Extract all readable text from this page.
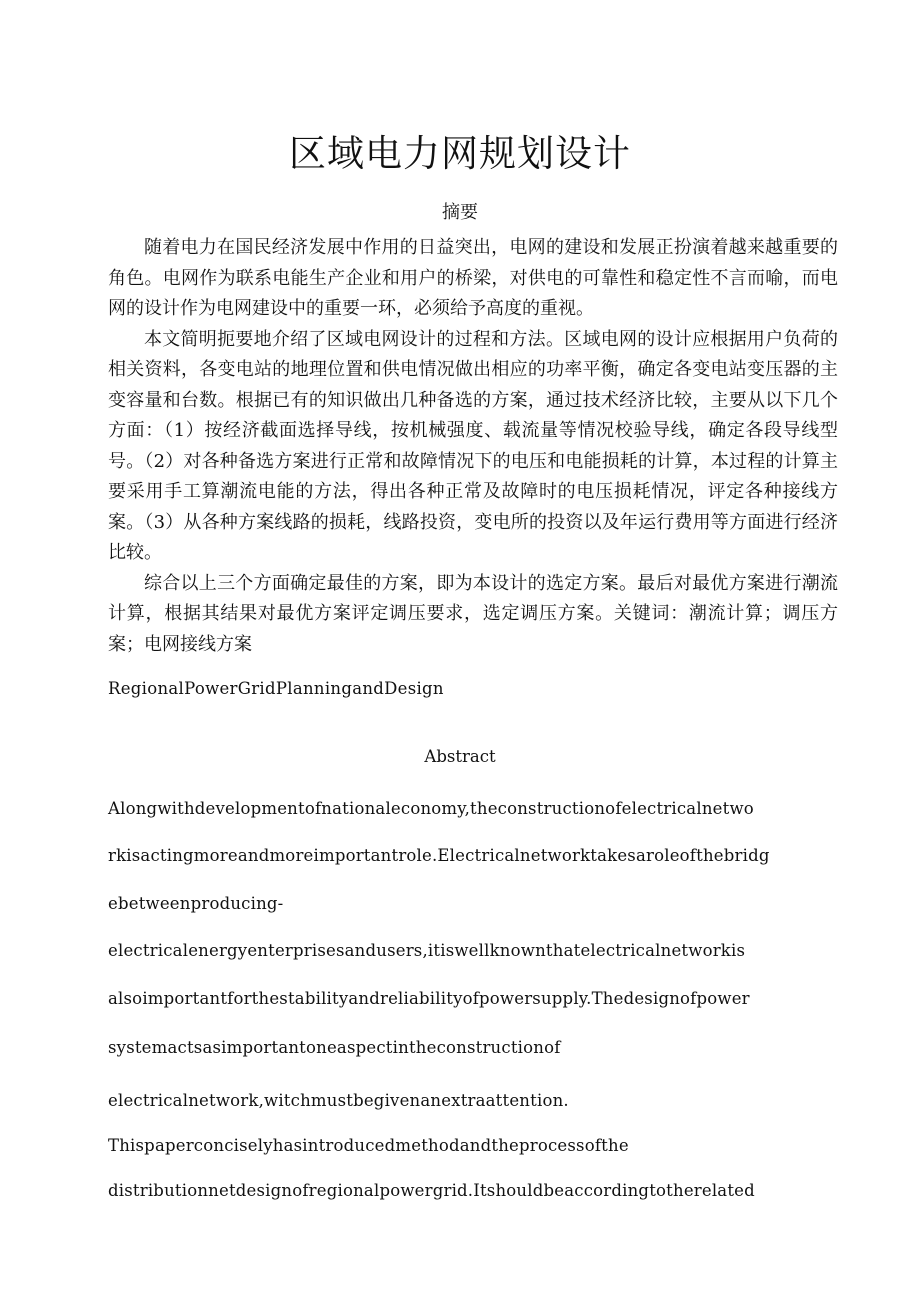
区域电力网规划设计
摘要

随着电力在国民经济发展中作用的日益突出，电网的建设和发展正扮演着越来越重要的角色。电网作为联系电能生产企业和用户的桥梁，对供电的可靠性和稳定性不言而喻，而电网的设计作为电网建设中的重要一环，必须给予高度的重视。

本文简明扼要地介绍了区域电网设计的过程和方法。区域电网的设计应根据用户负荷的相关资料，各变电站的地理位置和供电情况做出相应的功率平衡，确定各变电站变压器的主变容量和台数。根据已有的知识做出几种备选的方案，通过技术经济比较，主要从以下几个方面：（1）按经济截面选择导线，按机械强度、载流量等情况校验导线，确定各段导线型号。（2）对各种备选方案进行正常和故障情况下的电压和电能损耗的计算，本过程的计算主要采用手工算潮流电能的方法，得出各种正常及故障时的电压损耗情况，评定各种接线方案。（3）从各种方案线路的损耗，线路投资，变电所的投资以及年运行费用等方面进行经济比较。

综合以上三个方面确定最佳的方案，即为本设计的选定方案。最后对最优方案进行潮流计算，根据其结果对最优方案评定调压要求，选定调压方案。关键词：潮流计算；调压方案；电网接线方案

RegionalPowerGridPlanningandDesign
Abstract
Alongwithdevelopmentofnationaleconomy,theconstructionofelectricalnetwo
rkisactingmoreandmoreimportantrole.Electricalnetworktakesaroleofthebridg
ebetweenproducing-
electricalenergyenterprisesandusers,itiswellknownthatelectricalnetworkis
alsoimportantforthestabilityandreliabilityofpowersupply.Thedesignofpower
systemactsasimportantoneaspectintheconstructionof
electricalnetwork,witchmustbegivenanextraattention.
Thispaperconciselyhasintroducedmethodandtheprocessofthe
distributionnetdesignofregionalpowergrid.Itshouldbeaccordingtotherelated
